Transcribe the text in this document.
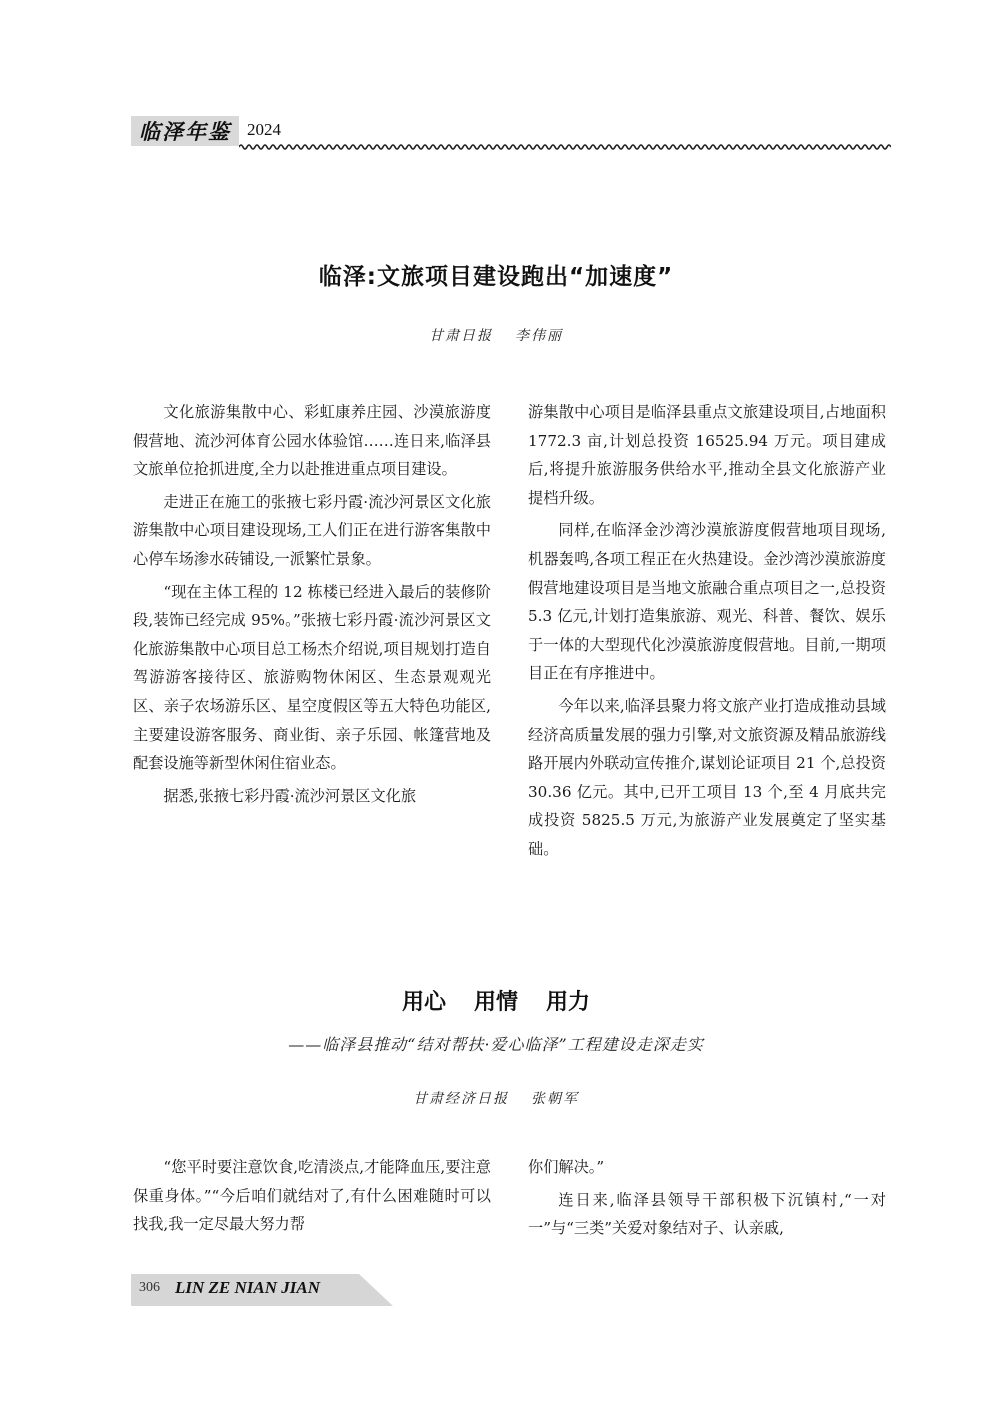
临泽年鉴 2024
临泽:文旅项目建设跑出“加速度”
甘肃日报 李伟丽

文化旅游集散中心、彩虹康养庄园、沙漠旅游度假营地、流沙河体育公园水体验馆……连日来,临泽县文旅单位抢抓进度,全力以赴推进重点项目建设。

走进正在施工的张掖七彩丹霞·流沙河景区文化旅游集散中心项目建设现场,工人们正在进行游客集散中心停车场渗水砖铺设,一派繁忙景象。

“现在主体工程的 12 栋楼已经进入最后的装修阶段,装饰已经完成 95%。”张掖七彩丹霞·流沙河景区文化旅游集散中心项目总工杨杰介绍说,项目规划打造自驾游游客接待区、旅游购物休闲区、生态景观观光区、亲子农场游乐区、星空度假区等五大特色功能区,主要建设游客服务、商业街、亲子乐园、帐篷营地及配套设施等新型休闲住宿业态。

据悉,张掖七彩丹霞·流沙河景区文化旅

游集散中心项目是临泽县重点文旅建设项目,占地面积 1772.3 亩,计划总投资 16525.94 万元。项目建成后,将提升旅游服务供给水平,推动全县文化旅游产业提档升级。

同样,在临泽金沙湾沙漠旅游度假营地项目现场,机器轰鸣,各项工程正在火热建设。金沙湾沙漠旅游度假营地建设项目是当地文旅融合重点项目之一,总投资 5.3 亿元,计划打造集旅游、观光、科普、餐饮、娱乐于一体的大型现代化沙漠旅游度假营地。目前,一期项目正在有序推进中。

今年以来,临泽县聚力将文旅产业打造成推动县域经济高质量发展的强力引擎,对文旅资源及精品旅游线路开展内外联动宣传推介,谋划论证项目 21 个,总投资 30.36 亿元。其中,已开工项目 13 个,至 4 月底共完成投资 5825.5 万元,为旅游产业发展奠定了坚实基础。

用心 用情 用力
——临泽县推动“结对帮扶·爱心临泽”工程建设走深走实
甘肃经济日报 张朝军

“您平时要注意饮食,吃清淡点,才能降血压,要注意保重身体。”“今后咱们就结对了,有什么困难随时可以找我,我一定尽最大努力帮

你们解决。”

连日来,临泽县领导干部积极下沉镇村,“一对一”与“三类”关爱对象结对子、认亲戚,

306 LIN ZE NIAN JIAN
